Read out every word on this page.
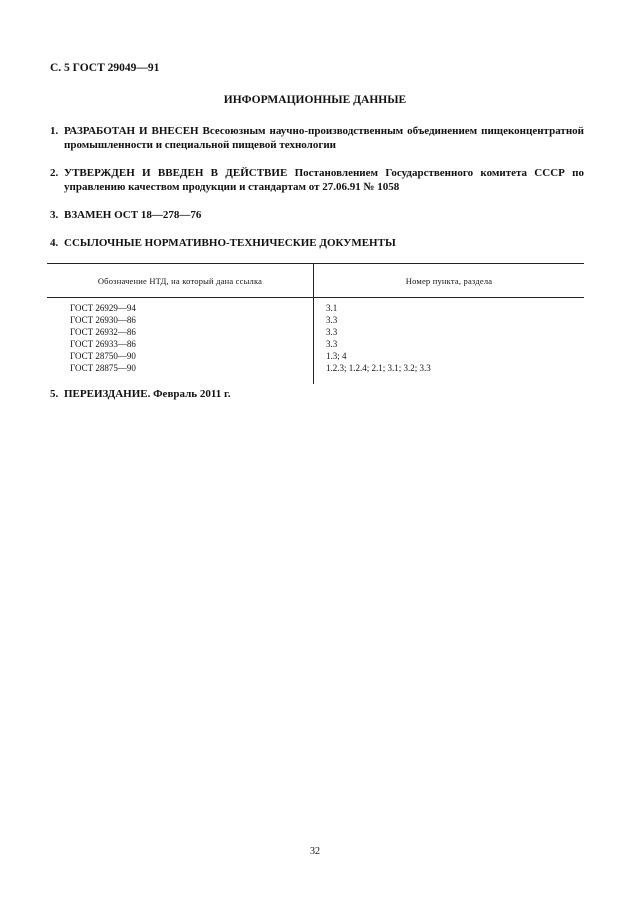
С. 5 ГОСТ 29049—91
ИНФОРМАЦИОННЫЕ ДАННЫЕ
1. РАЗРАБОТАН И ВНЕСЕН Всесоюзным научно-производственным объединением пищеконцентратной промышленности и специальной пищевой технологии
2. УТВЕРЖДЕН И ВВЕДЕН В ДЕЙСТВИЕ Постановлением Государственного комитета СССР по управлению качеством продукции и стандартам от 27.06.91 № 1058
3. ВЗАМЕН ОСТ 18—278—76
4. ССЫЛОЧНЫЕ НОРМАТИВНО-ТЕХНИЧЕСКИЕ ДОКУМЕНТЫ
Обозначение НТД, на который дана ссылка	Номер пункта, раздела
ГОСТ 26929—94	3.1
ГОСТ 26930—86	3.3
ГОСТ 26932—86	3.3
ГОСТ 26933—86	3.3
ГОСТ 28750—90	1.3; 4
ГОСТ 28875—90	1.2.3; 1.2.4; 2.1; 3.1; 3.2; 3.3
5. ПЕРЕИЗДАНИЕ. Февраль 2011 г.
32
